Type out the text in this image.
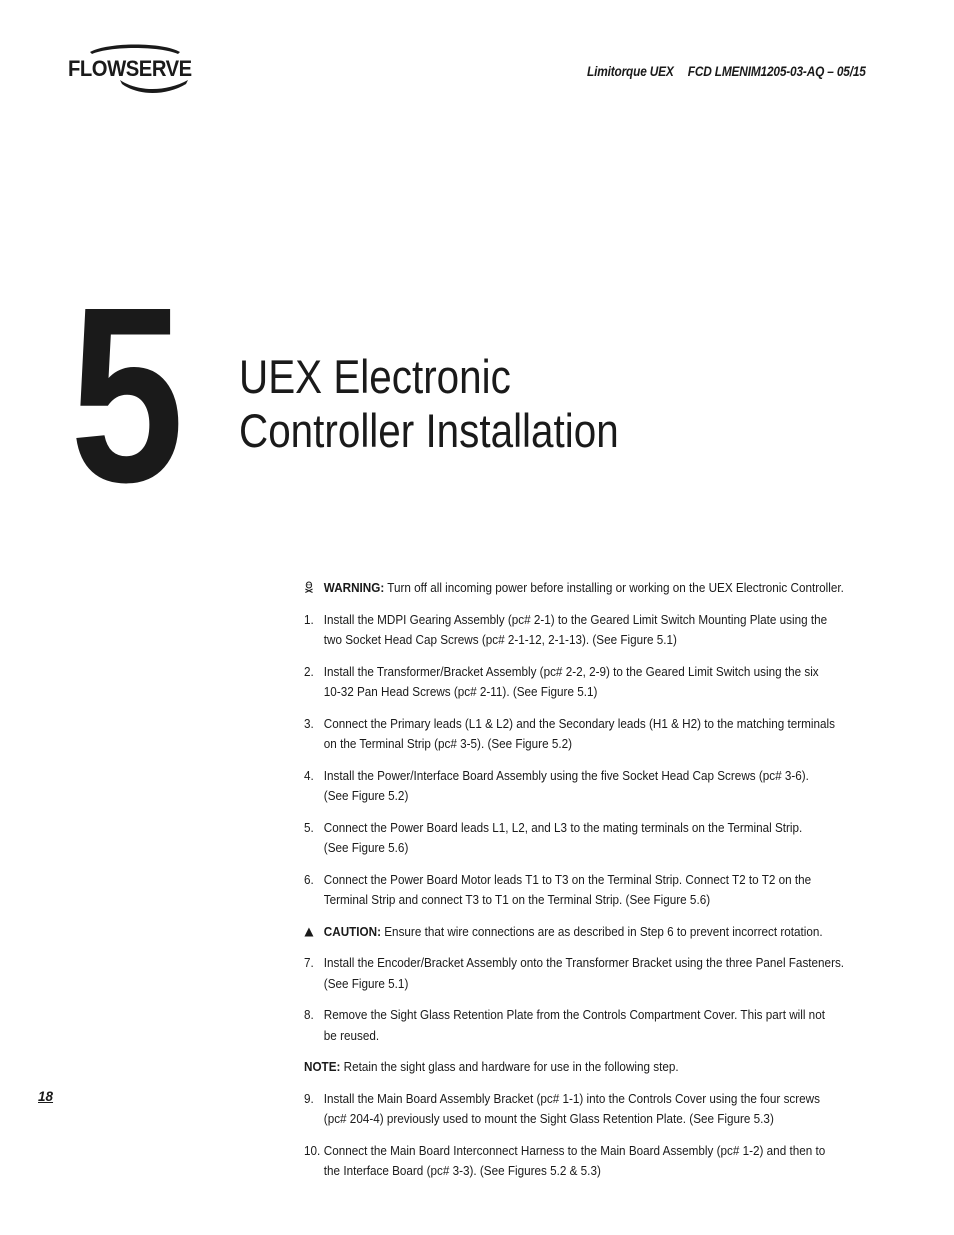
FLOWSERVE	Limitorque UEX FCD LMENIM1205-03-AQ – 05/15
5 UEX Electronic
Controller Installation
WARNING: Turn off all incoming power before installing or working on the UEX Electronic Controller.
1. Install the MDPI Gearing Assembly (pc# 2-1) to the Geared Limit Switch Mounting Plate using the
two Socket Head Cap Screws (pc# 2-1-12, 2-1-13). (See Figure 5.1)
2. Install the Transformer/Bracket Assembly (pc# 2-2, 2-9) to the Geared Limit Switch using the six
10-32 Pan Head Screws (pc# 2-11). (See Figure 5.1)
3. Connect the Primary leads (L1 & L2) and the Secondary leads (H1 & H2) to the matching terminals
on the Terminal Strip (pc# 3-5). (See Figure 5.2)
4. Install the Power/Interface Board Assembly using the five Socket Head Cap Screws (pc# 3-6).
(See Figure 5.2)
5. Connect the Power Board leads L1, L2, and L3 to the mating terminals on the Terminal Strip.
(See Figure 5.6)
6. Connect the Power Board Motor leads T1 to T3 on the Terminal Strip. Connect T2 to T2 on the
Terminal Strip and connect T3 to T1 on the Terminal Strip. (See Figure 5.6)
CAUTION: Ensure that wire connections are as described in Step 6 to prevent incorrect rotation.
7. Install the Encoder/Bracket Assembly onto the Transformer Bracket using the three Panel Fasteners.
(See Figure 5.1)
8. Remove the Sight Glass Retention Plate from the Controls Compartment Cover. This part will not
be reused.
NOTE: Retain the sight glass and hardware for use in the following step.
9. Install the Main Board Assembly Bracket (pc# 1-1) into the Controls Cover using the four screws
(pc# 204-4) previously used to mount the Sight Glass Retention Plate. (See Figure 5.3)
10. Connect the Main Board Interconnect Harness to the Main Board Assembly (pc# 1-2) and then to
the Interface Board (pc# 3-3). (See Figures 5.2 & 5.3)
18
